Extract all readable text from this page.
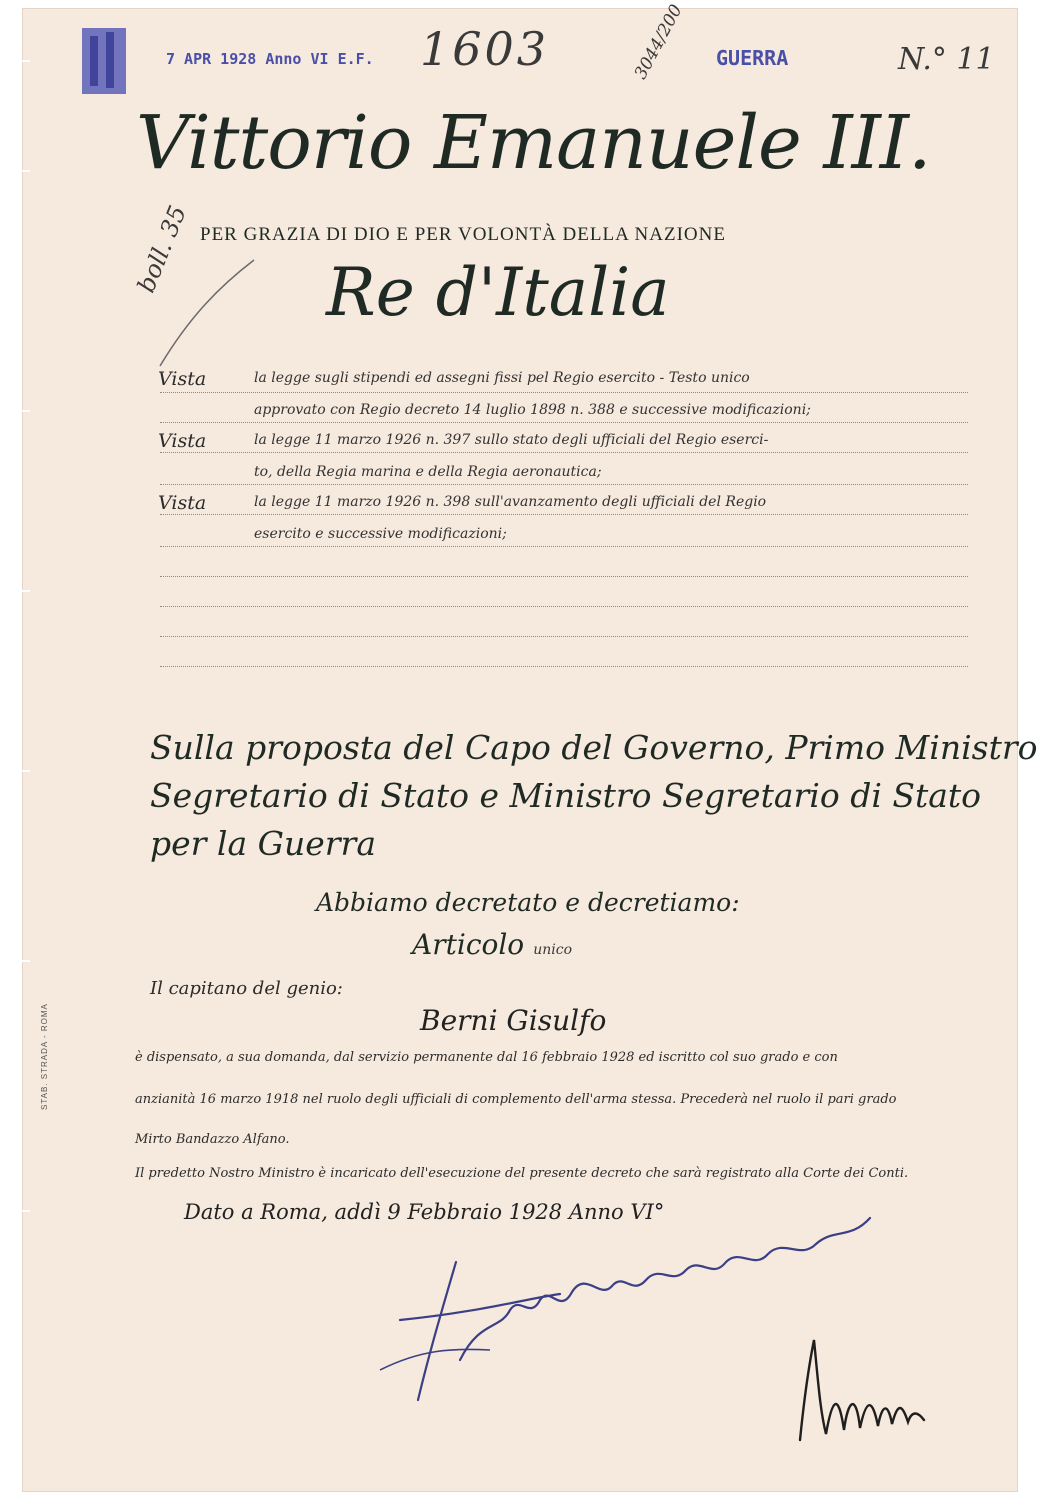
7 APR 1928 Anno VI E.F. 1603	3044/200 GUERRA	N.° 11
Vittorio Emanuele III.
PER GRAZIA DI DIO E PER VOLONTÀ DELLA NAZIONE
Re d'Italia
boll. 35
Vista	la legge sugli stipendi ed assegni fissi pel Regio esercito - Testo unico
approvato con Regio decreto 14 luglio 1898 n. 388 e successive modificazioni;
Vista	la legge 11 marzo 1926 n. 397 sullo stato degli ufficiali del Regio eserci-
to, della Regia marina e della Regia aeronautica;
Vista	la legge 11 marzo 1926 n. 398 sull'avanzamento degli ufficiali del Regio
esercito e successive modificazioni;
Sulla proposta del Capo del Governo, Primo Ministro
Segretario di Stato e Ministro Segretario di Stato
per la Guerra
Abbiamo decretato e decretiamo:
Articolo unico
Il capitano del genio:
Berni Gisulfo
è dispensato, a sua domanda, dal servizio permanente dal 16 febbraio 1928 ed iscritto col suo grado e con
anzianità 16 marzo 1918 nel ruolo degli ufficiali di complemento dell'arma stessa. Precederà nel ruolo il pari grado
Mirto Bandazzo Alfano.
Il predetto Nostro Ministro è incaricato dell'esecuzione del presente decreto che sarà registrato alla Corte dei Conti.
Dato a Roma, addì 9 Febbraio 1928 Anno VI°
STAB. STRADA - ROMA
